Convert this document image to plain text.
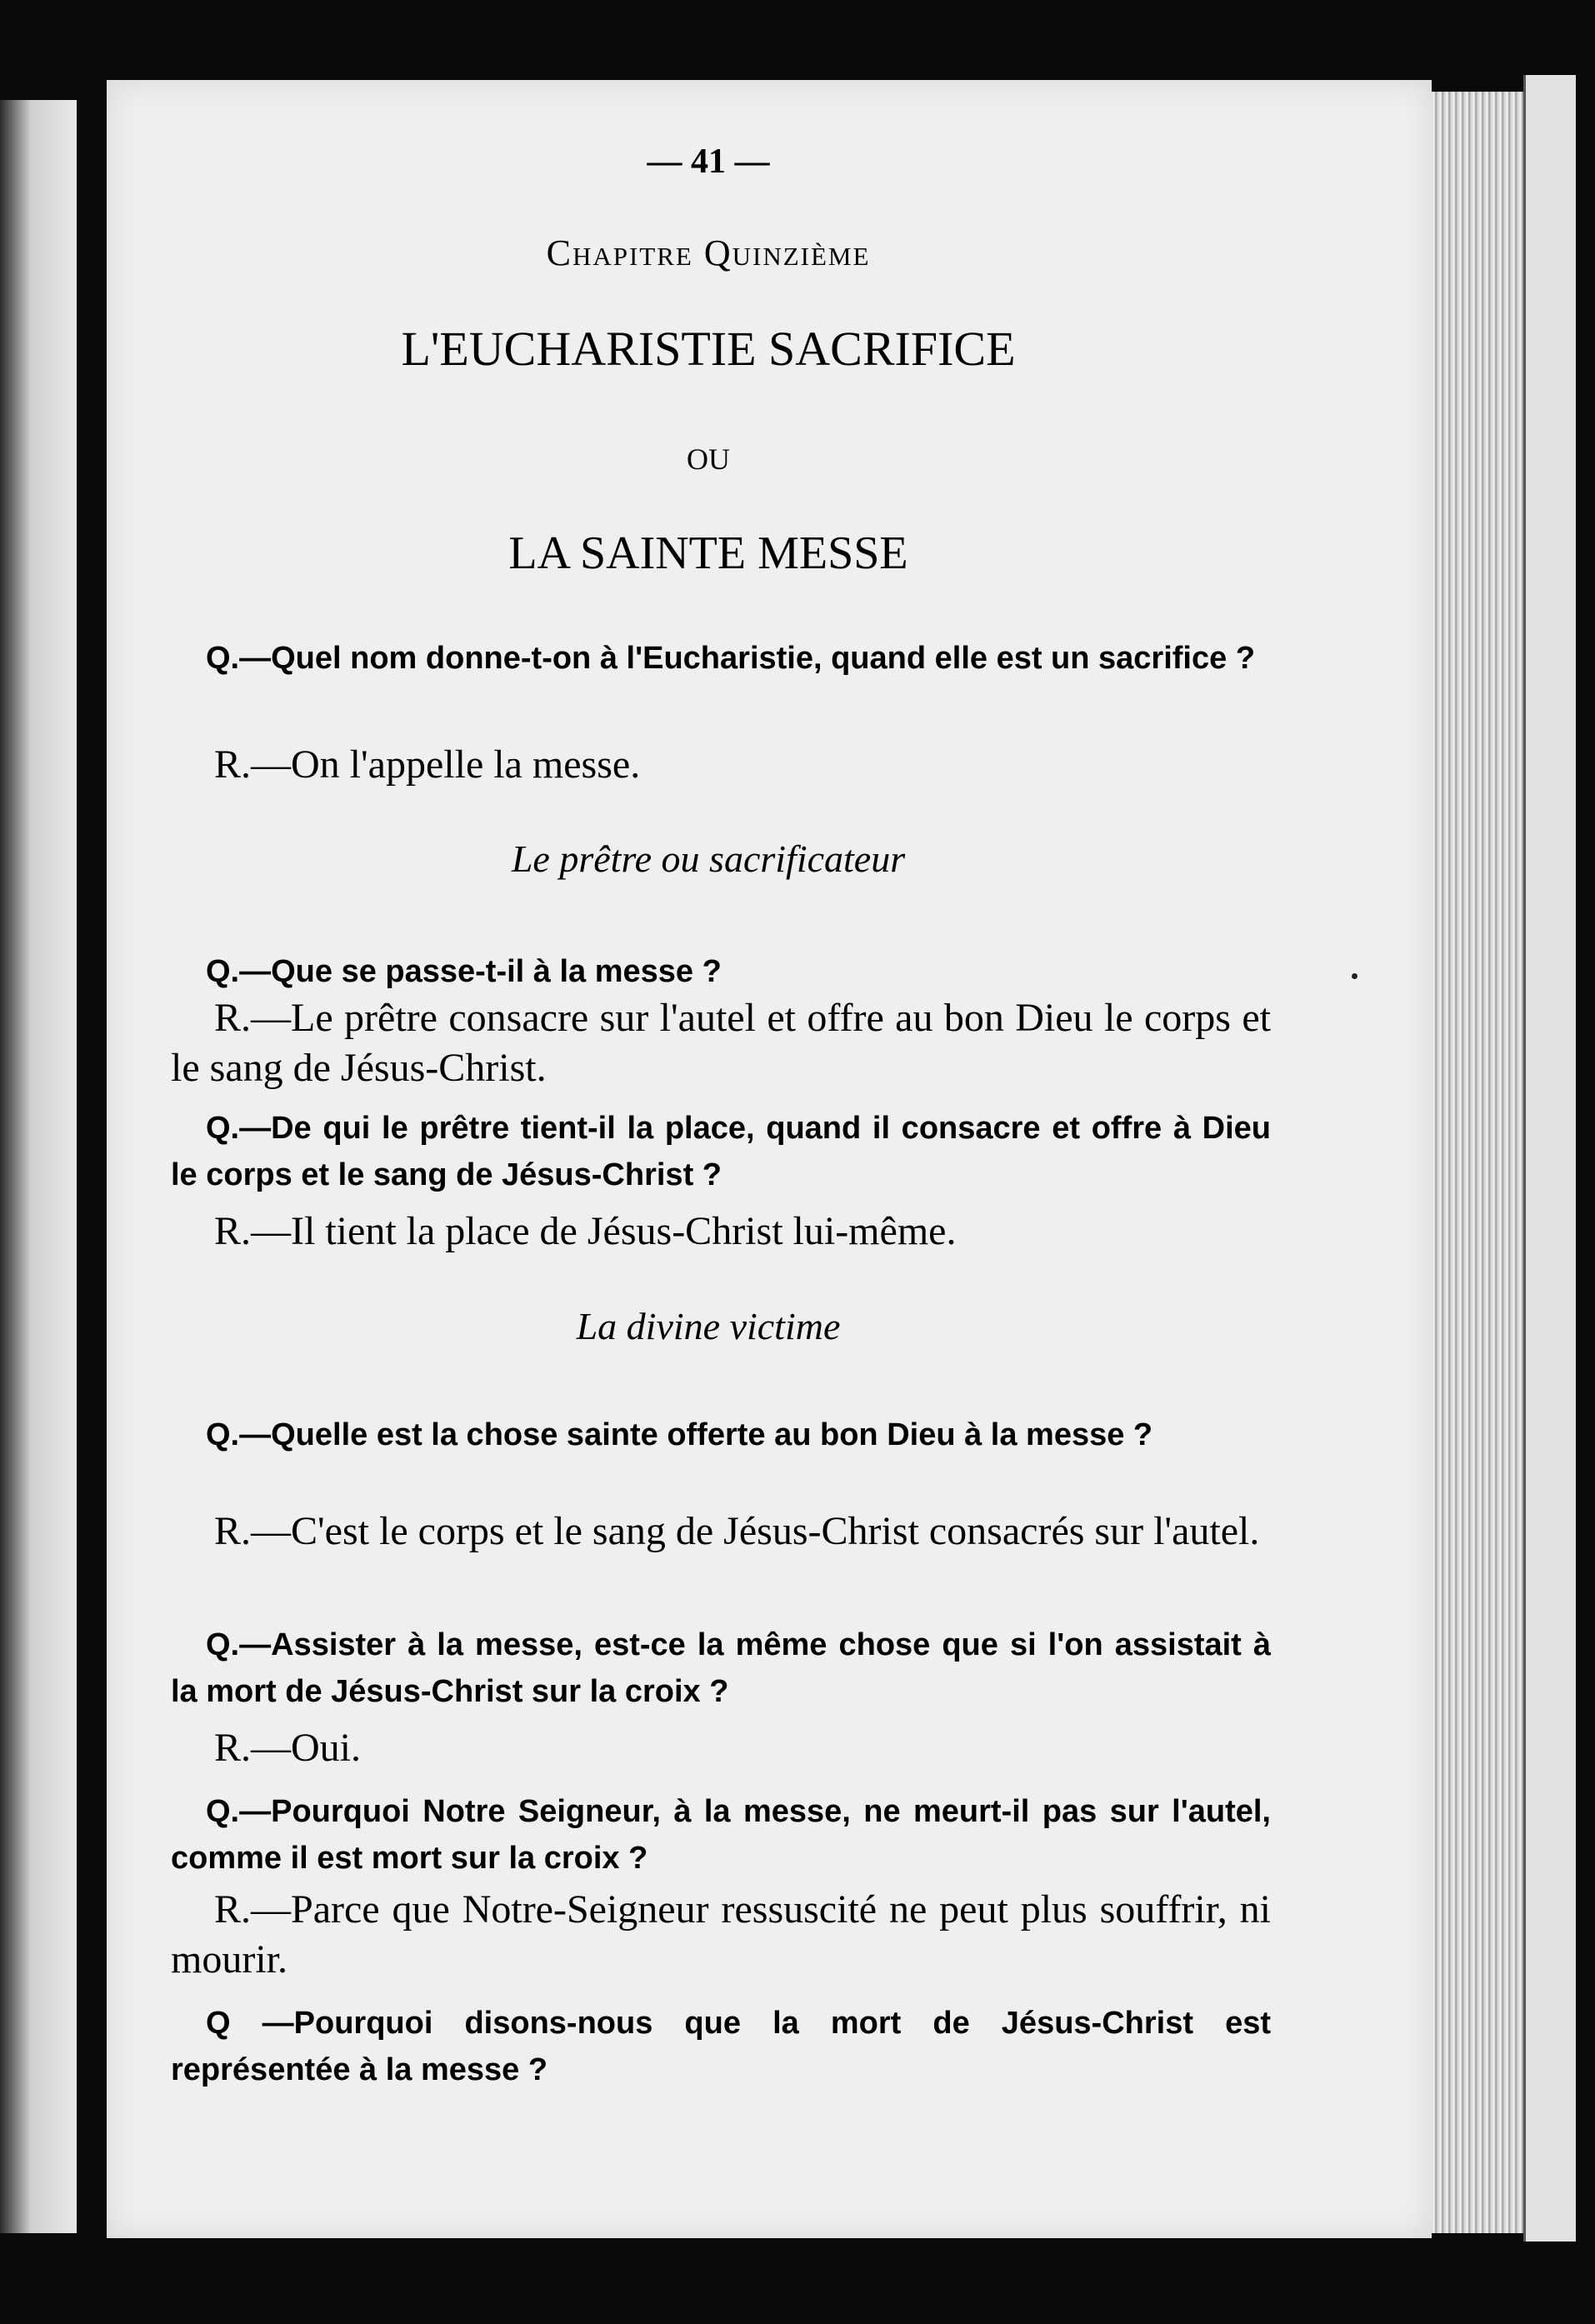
— 41 —
Chapitre Quinzième
L'EUCHARISTIE SACRIFICE
OU
LA SAINTE MESSE
Q.—Quel nom donne-t-on à l'Eucharistie, quand elle est un sacrifice ?
R.—On l'appelle la messe.
Le prêtre ou sacrificateur
Q.—Que se passe-t-il à la messe ?
R.—Le prêtre consacre sur l'autel et offre au bon Dieu le corps et le sang de Jésus-Christ.
Q.—De qui le prêtre tient-il la place, quand il consacre et offre à Dieu le corps et le sang de Jésus-Christ ?
R.—Il tient la place de Jésus-Christ lui-même.
La divine victime
Q.—Quelle est la chose sainte offerte au bon Dieu à la messe ?
R.—C'est le corps et le sang de Jésus-Christ consacrés sur l'autel.
Q.—Assister à la messe, est-ce la même chose que si l'on assistait à la mort de Jésus-Christ sur la croix ?
R.—Oui.
Q.—Pourquoi Notre Seigneur, à la messe, ne meurt-il pas sur l'autel, comme il est mort sur la croix ?
R.—Parce que Notre-Seigneur ressuscité ne peut plus souffrir, ni mourir.
Q —Pourquoi disons-nous que la mort de Jésus-Christ est représentée à la messe ?
